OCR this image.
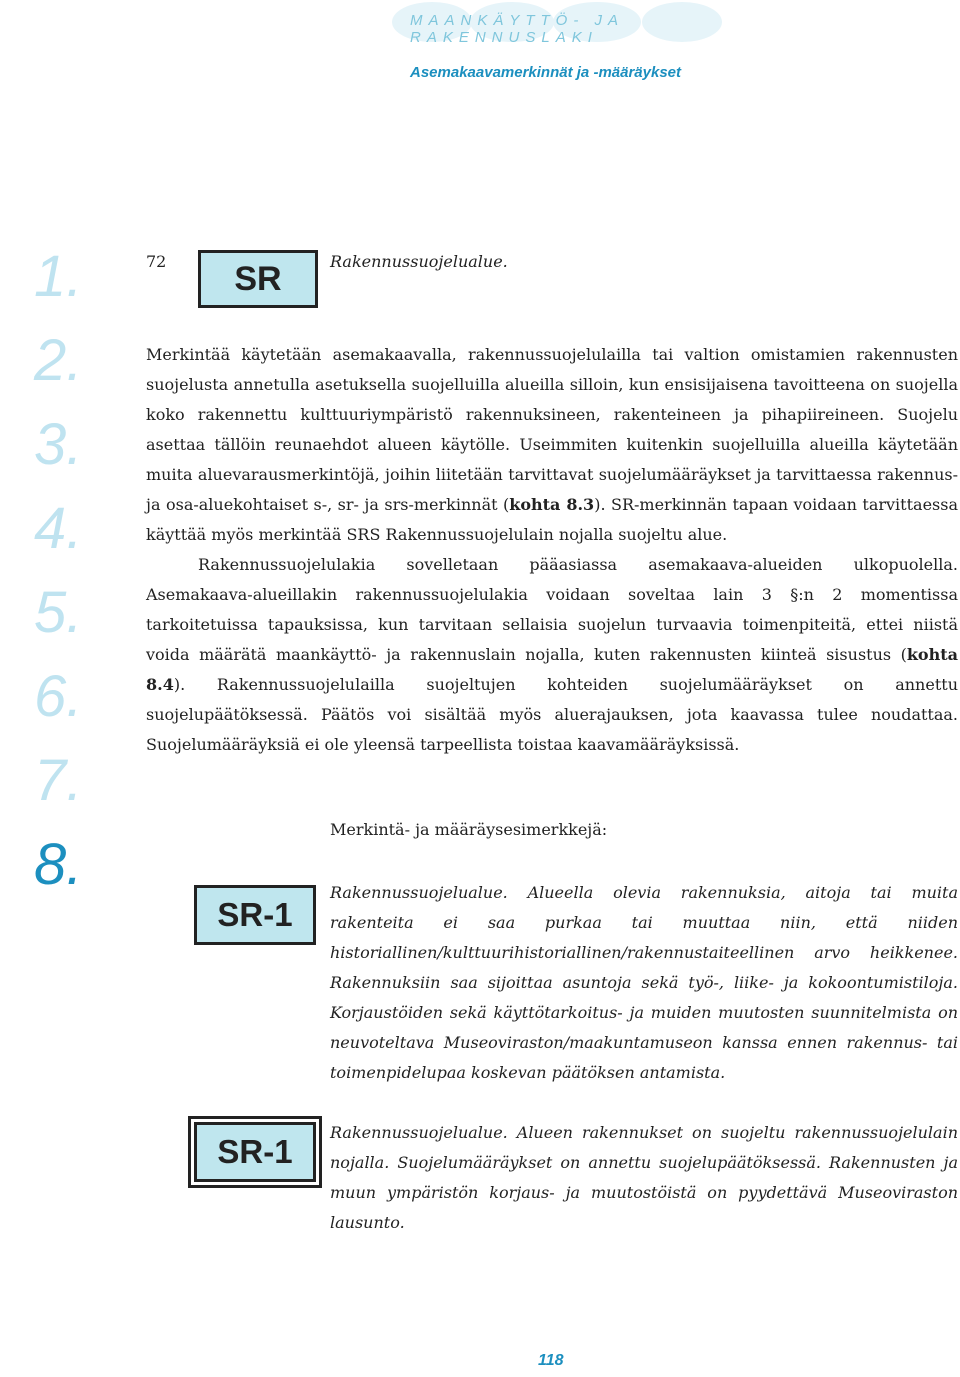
MAANKÄYTTÖ- JA RAKENNUSLAKI
Asemakaavamerkinnät ja -määräykset
1.
2.
3.
4.
5.
6.
7.
8.
72	SR	Rakennussuojelualue.

Merkintää käytetään asemakaavalla, rakennussuojelulailla tai valtion omistamien rakennusten suojelusta annetulla asetuksella suojelluilla alueilla silloin, kun ensisijaisena tavoitteena on suojella koko rakennettu kulttuuriympäristö rakennuksineen, rakenteineen ja pihapiireineen. Suojelu asettaa tällöin reunaehdot alueen käytölle. Useimmiten kuitenkin suojelluilla alueilla käytetään muita aluevarausmerkintöjä, joihin liitetään tarvittavat suojelumääräykset ja tarvittaessa rakennus- ja osa-aluekohtaiset s-, sr- ja srs-merkinnät (kohta 8.3). SR-merkinnän tapaan voidaan tarvittaessa käyttää myös merkintää SRS Rakennussuojelulain nojalla suojeltu alue.

Rakennussuojelulakia sovelletaan pääasiassa asemakaava-alueiden ulkopuolella. Asemakaava-alueillakin rakennussuojelulakia voidaan soveltaa lain 3 §:n 2 momentissa tarkoitetuissa tapauksissa, kun tarvitaan sellaisia suojelun turvaavia toimenpiteitä, ettei niistä voida määrätä maankäyttö- ja rakennuslain nojalla, kuten rakennusten kiinteä sisustus (kohta 8.4). Rakennussuojelulailla suojeltujen kohteiden suojelumääräykset on annettu suojelupäätöksessä. Päätös voi sisältää myös aluerajauksen, jota kaavassa tulee noudattaa. Suojelumääräyksiä ei ole yleensä tarpeellista toistaa kaavamääräyksissä.

Merkintä- ja määräysesimerkkejä:
SR-1
Rakennussuojelualue. Alueella olevia rakennuksia, aitoja tai muita rakenteita ei saa purkaa tai muuttaa niin, että niiden historiallinen/kulttuurihistoriallinen/rakennustaiteellinen arvo heikkenee. Rakennuksiin saa sijoittaa asuntoja sekä työ-, liike- ja kokoontumistiloja. Korjaustöiden sekä käyttötarkoitus- ja muiden muutosten suunnitelmista on neuvoteltava Museoviraston/maakuntamuseon kanssa ennen rakennus- tai toimenpidelupaa koskevan päätöksen antamista.
SR-1
Rakennussuojelualue. Alueen rakennukset on suojeltu rakennussuojelulain nojalla. Suojelumääräykset on annettu suojelupäätöksessä. Rakennusten ja muun ympäristön korjaus- ja muutostöistä on pyydettävä Museoviraston lausunto.
118
